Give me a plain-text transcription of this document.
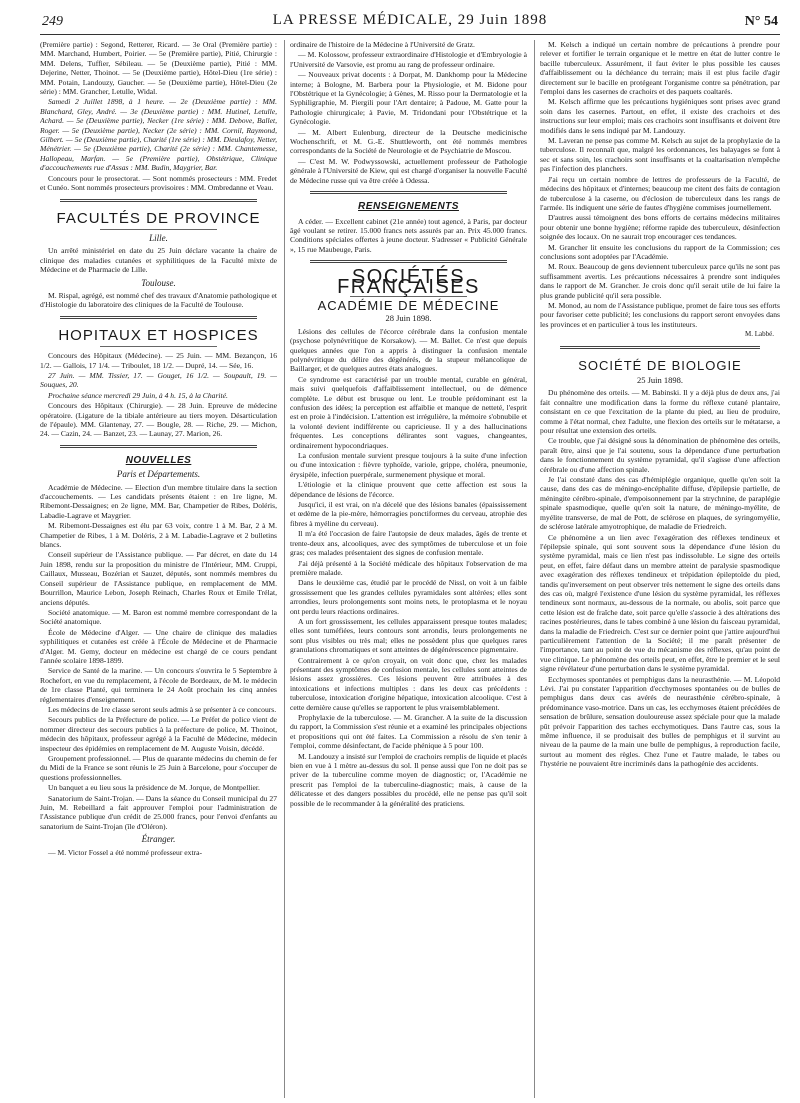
249	LA PRESSE MÉDICALE, 29 Juin 1898	N° 54

(Première partie) : Segond, Retterer, Ricard. — 3e Oral (Première partie) : MM. Marchand, Humbert, Poirier. — 5e (Première partie), Pitié, Chirurgie : MM. Delens, Tuffier, Sébileau. — 5e (Deuxième partie), Pitié : MM. Dejerine, Netter, Thoinot. — 5e (Deuxième partie), Hôtel-Dieu (1re série) : MM. Potain, Landouzy, Gaucher. — 5e (Deuxième partie), Hôtel-Dieu (2e série) : MM. Grancher, Letulle, Widal.

Samedi 2 Juillet 1898, à 1 heure. — 2e (Deuxième partie) : MM. Blanchard, Gley, André. — 3e (Deuxième partie) : MM. Hutinel, Letulle, Achard. — 5e (Deuxième partie), Necker (1re série) : MM. Debove, Ballet, Roger. — 5e (Deuxième partie), Necker (2e série) : MM. Cornil, Raymond, Gilbert. — 5e (Deuxième partie), Charité (1re série) : MM. Dieulafoy, Netter, Ménétrier. — 5e (Deuxième partie), Charité (2e série) : MM. Chantemesse, Hallopeau, Marfan. — 5e (Première partie), Obstétrique, Clinique d'accouchements rue d'Assas : MM. Budin, Maygrier, Bar.

Concours pour le prosectorat. — Sont nommés prosecteurs : MM. Fredet et Cunéo. Sont nommés prosecteurs provisoires : MM. Ombredanne et Veau.

FACULTÉS DE PROVINCE
Lille.

Un arrêté ministériel en date du 25 Juin déclare vacante la chaire de clinique des maladies cutanées et syphilitiques de la Faculté mixte de Médecine et de Pharmacie de Lille.

Toulouse.

M. Rispal, agrégé, est nommé chef des travaux d'Anatomie pathologique et d'Histologie du laboratoire des cliniques de la Faculté de Toulouse.

HOPITAUX ET HOSPICES

Concours des Hôpitaux (Médecine). — 25 Juin. — MM. Bezançon, 16 1/2. — Gallois, 17 1/4. — Triboulet, 18 1/2. — Dupré, 14. — Sée, 16.

27 Juin. — MM. Tissier, 17. — Gouget, 16 1/2. — Soupault, 19. — Souques, 20.

Prochaine séance mercredi 29 Juin, à 4 h. 15, à la Charité.

Concours des Hôpitaux (Chirurgie). — 28 Juin. Epreuve de médecine opératoire. (Ligature de la tibiale antérieure au tiers moyen. Désarticulation de l'épaule). MM. Glantenay, 27. — Bougle, 28. — Riche, 29. — Michon, 24. — Cazin, 24. — Banzet, 23. — Launay, 27. Marion, 26.

NOUVELLES
Paris et Départements.

Académie de Médecine. — Election d'un membre titulaire dans la section d'accouchements. — Les candidats présents étaient : en 1re ligne, M. Ribemont-Dessaignes; en 2e ligne, MM. Bar, Champetier de Ribes, Doléris, Labadie-Lagrave et Maygrier.

M. Ribemont-Dessaignes est élu par 63 voix, contre 1 à M. Bar, 2 à M. Champetier de Ribes, 1 à M. Doléris, 2 à M. Labadie-Lagrave et 2 bulletins blancs.

Conseil supérieur de l'Assistance publique. — Par décret, en date du 14 Juin 1898, rendu sur la proposition du ministre de l'Intérieur, MM. Cruppi, Caillaux, Musseau, Bozérian et Sauzet, députés, sont nommés membres du Conseil supérieur de l'Assistance publique, en remplacement de MM. Bourrillon, Maurice Lebon, Joseph Reinach, Charles Roux et Emile Trélat, anciens députés.

Société anatomique. — M. Baron est nommé membre correspondant de la Société anatomique.

École de Médecine d'Alger. — Une chaire de clinique des maladies syphilitiques et cutanées est créée à l'École de Médecine et de Pharmacie d'Alger. M. Gemy, docteur en médecine est chargé de ce cours pendant l'année scolaire 1898-1899.

Service de Santé de la marine. — Un concours s'ouvrira le 5 Septembre à Rochefort, en vue du remplacement, à l'école de Bordeaux, de M. le médecin de 1re classe Planté, qui terminera le 24 Août prochain les cinq années réglementaires d'enseignement.

Les médecins de 1re classe seront seuls admis à se présenter à ce concours.

Secours publics de la Préfecture de police. — Le Préfet de police vient de nommer directeur des secours publics à la préfecture de police, M. Thoinot, médecin des hôpitaux, professeur agrégé à la Faculté de Médecine, médecin inspecteur des épidémies en remplacement de M. Auguste Voisin, décédé.

Groupement professionnel. — Plus de quarante médecins du chemin de fer du Midi de la France se sont réunis le 25 Juin à Barcelone, pour s'occuper de questions professionnelles.

Un banquet a eu lieu sous la présidence de M. Jorque, de Montpellier.

Sanatorium de Saint-Trojan. — Dans la séance du Conseil municipal du 27 Juin, M. Rebeillard a fait approuver l'emploi pour l'administration de l'Assistance publique d'un crédit de 25.000 francs, pour l'envoi d'enfants au sanatorium de Saint-Trojan (île d'Oléron).

Étranger.

— M. Victor Fossel a été nommé professeur extra-

ordinaire de l'histoire de la Médecine à l'Université de Gratz.

— M. Kolossow, professeur extraordinaire d'Histologie et d'Embryologie à l'Université de Varsovie, est promu au rang de professeur ordinaire.

— Nouveaux privat docents : à Dorpat, M. Dankhomp pour la Médecine interne; à Bologne, M. Barbera pour la Physiologie, et M. Bidone pour l'Obstétrique et la Gynécologie; à Gènes, M. Risso pour la Dermatologie et la Syphiligraphie, M. Piergili pour l'Art dentaire; à Padoue, M. Gatte pour la Pathologie chirurgicale; à Pavie, M. Tridondani pour l'Obstétrique et la Gynécologie.

— M. Albert Eulenburg, directeur de la Deutsche medicinische Wochenschrift, et M. G.-E. Shuttleworth, ont été nommés membres correspondants de la Société de Neurologie et de Psychiatrie de Moscou.

— C'est M. W. Podwyssowski, actuellement professeur de Pathologie générale à l'Université de Kiew, qui est chargé d'organiser la nouvelle Faculté de Médecine russe qui va être créée à Odessa.

RENSEIGNEMENTS

A céder. — Excellent cabinet (21e année) tout agencé, à Paris, par docteur âgé voulant se retirer. 15.000 francs nets assurés par an. Prix 45.000 francs. Conditions spéciales offertes à jeune docteur. S'adresser « Publicité Générale », 15 rue Maubeuge, Paris.

SOCIÉTÉS FRANÇAISES
ACADÉMIE DE MÉDECINE
28 Juin 1898.

Lésions des cellules de l'écorce cérébrale dans la confusion mentale (psychose polynévritique de Korsakow). — M. Ballet. Ce n'est que depuis quelques années que l'on a appris à distinguer la confusion mentale polynévritique du délire des dégénérés, de la stupeur mélancolique de Baillarger, et de quelques autres états analogues.

Ce syndrome est caractérisé par un trouble mental, curable en général, mais suivi quelquefois d'affaiblissement intellectuel, ou de démence complète. Le début est brusque ou lent. Le trouble prédominant est la confusion des idées; la perception est affaiblie et manque de netteté, l'esprit est en proie à l'indécision. L'attention est irrégulière, la mémoire s'obnubile et la volonté devient indifférente ou capricieuse. Il y a des hallucinations fréquentes. Les conceptions délirantes sont vagues, changeantes, ordinairement hypocondriaques.

La confusion mentale survient presque toujours à la suite d'une infection ou d'une intoxication : fièvre typhoïde, variole, grippe, choléra, pneumonie, érysipèle, infection puerpérale, surmenement physique et moral.

L'étiologie et la clinique prouvent que cette affection est sous la dépendance de lésions de l'écorce.

Jusqu'ici, il est vrai, on n'a décelé que des lésions banales (épaississement et œdème de la pie-mère, hémorragies ponctiformes du cerveau, atrophie des fibres à myéline du cerveau).

Il m'a été l'occasion de faire l'autopsie de deux malades, âgés de trente et trente-deux ans, alcooliques, avec des symptômes de tuberculose et un foie gras; ces malades présentaient des signes de confusion mentale.

J'ai déjà présenté à la Société médicale des hôpitaux l'observation de ma première malade.

Dans le deuxième cas, étudié par le procédé de Nissl, on voit à un faible grossissement que les grandes cellules pyramidales sont altérées; elles sont arrondies, leurs prolongements sont moins nets, le protoplasma et le noyau ont perdu leurs réactions ordinaires.

A un fort grossissement, les cellules apparaissent presque toutes malades; elles sont tuméfiées, leurs contours sont arrondis, leurs prolongements ne sont plus visibles ou très mal; elles ne possèdent plus que quelques rares granulations chromatiques et sont atteintes de dégénérescence pigmentaire.

Contrairement à ce qu'on croyait, on voit donc que, chez les malades présentant des symptômes de confusion mentale, les cellules sont atteintes de lésions assez grossières. Ces lésions peuvent être attribuées à des intoxications et infections multiples : dans les deux cas précédents : tuberculose, intoxication d'origine hépatique, intoxication alcoolique. C'est à cette dernière cause qu'elles se rapportent le plus vraisemblablement.

Prophylaxie de la tuberculose. — M. Grancher. A la suite de la discussion du rapport, la Commission s'est réunie et a examiné les principales objections et propositions qui ont été faites. La Commission a résolu de s'en tenir à l'emploi, comme désinfectant, de l'acide phénique à 5 pour 100.

M. Landouzy a insisté sur l'emploi de crachoirs remplis de liquide et placés bien en vue à 1 mètre au-dessus du sol. Il pense aussi que l'on ne doit pas se priver de la tuberculine comme moyen de diagnostic; or, l'Académie ne prescrit pas l'emploi de la tuberculine-diagnostic; mais, à cause de la délicatesse et des dangers possibles du procédé, elle ne pense pas qu'il soit possible de le recommander à la généralité des praticiens.

M. Kelsch a indiqué un certain nombre de précautions à prendre pour relever et fortifier le terrain organique et le mettre en état de lutter contre le bacille tuberculeux. Assurément, il faut éviter le plus possible les causes d'affaiblissement ou la déchéance du terrain; mais il est plus facile d'agir directement sur le bacille en protégeant l'organisme contre sa pénétration, par l'emploi dans les casernes de crachoirs et des paquets coaltarés.

M. Kelsch affirme que les précautions hygiéniques sont prises avec grand soin dans les casernes. Partout, en effet, il existe des crachoirs et des instructions sur leur emploi; mais ces crachoirs sont insuffisants et doivent être modifiés dans le sens indiqué par M. Landouzy.

M. Laveran ne pense pas comme M. Kelsch au sujet de la prophylaxie de la tuberculose. Il reconnaît que, malgré les ordonnances, les balayages se font à sec et sans soin, les crachoirs sont insuffisants et la coaltarisation n'empêche pas l'infection des planchers.

J'ai reçu un certain nombre de lettres de professeurs de la Faculté, de médecins des hôpitaux et d'internes; beaucoup me citent des faits de contagion de tuberculose à la caserne, ou d'éclosion de tuberculeux dans les rangs de l'armée. Ils indiquent une série de fautes d'hygiène commises journellement.

D'autres aussi témoignent des bons efforts de certains médecins militaires pour obtenir une bonne hygiène; réforme rapide des tuberculeux, désinfection soignée des locaux. On ne saurait trop encourager ces tendances.

M. Grancher lit ensuite les conclusions du rapport de la Commission; ces conclusions sont adoptées par l'Académie.

M. Roux. Beaucoup de gens deviennent tuberculeux parce qu'ils ne sont pas suffisamment avertis. Les précautions nécessaires à prendre sont indiquées dans le rapport de M. Grancher. Je crois donc qu'il serait utile de lui faire la plus grande publicité qu'il sera possible.

M. Monod, au nom de l'Assistance publique, promet de faire tous ses efforts pour favoriser cette publicité; les conclusions du rapport seront envoyées dans les provinces et en particulier à tous les instituteurs.

M. Labbé.
SOCIÉTÉ DE BIOLOGIE
25 Juin 1898.

Du phénomène des orteils. — M. Babinski. Il y a déjà plus de deux ans, j'ai fait connaître une modification dans la forme du réflexe cutané plantaire, consistant en ce que l'excitation de la plante du pied, au lieu de produire, comme à l'état normal, chez l'adulte, une flexion des orteils sur le métatarse, a pour résultat une extension des orteils.

Ce trouble, que j'ai désigné sous la dénomination de phénomène des orteils, paraît être, ainsi que je l'ai soutenu, sous la dépendance d'une perturbation dans le fonctionnement du système pyramidal, qu'il s'agisse d'une affection cérébrale ou d'une affection spinale.

Je l'ai constaté dans des cas d'hémiplégie organique, quelle qu'en soit la cause, dans des cas de méningo-encéphalite diffuse, d'épilepsie partielle, de méningite cérébro-spinale, d'empoisonnement par la strychnine, de paraplégie spinale spasmodique, quelle qu'en soit la nature, de méningo-myélite, de myélite transverse, de mal de Pott, de sclérose en plaques, de syringomyélie, de sclérose latérale amyotrophique, de maladie de Friedreich.

Ce phénomène a un lien avec l'exagération des réflexes tendineux et l'épilepsie spinale, qui sont souvent sous la dépendance d'une lésion du système pyramidal, mais ce lien n'est pas indissoluble. Le signe des orteils peut, en effet, faire défaut dans un membre atteint de paralysie spasmodique avec exagération des réflexes tendineux et trépidation épileptoïde du pied, tandis qu'inversement on peut observer très nettement le signe des orteils dans des cas où, malgré l'existence d'une lésion du système pyramidal, les réflexes tendineux sont normaux, au-dessous de la normale, ou abolis, soit parce que cette lésion est de fraîche date, soit parce qu'elle s'associe à des altérations des racines postérieures, dans le tabes combiné à une lésion du faisceau pyramidal, dans la maladie de Friedreich. C'est sur ce dernier point que j'attire aujourd'hui particulièrement l'attention de la Société; il me paraît présenter de l'importance, tant au point de vue du mécanisme des réflexes, qu'au point de vue clinique. Le phénomène des orteils peut, en effet, être le premier et le seul signe révélateur d'une perturbation dans le système pyramidal.

Ecchymoses spontanées et pemphigus dans la neurasthénie. — M. Léopold Lévi. J'ai pu constater l'apparition d'ecchymoses spontanées ou de bulles de pemphigus dans deux cas avérés de neurasthénie cérébro-spinale, à prédominance vaso-motrice. Dans un cas, les ecchymoses étaient précédées de sensation de brûlure, sensation douloureuse assez spéciale pour que la malade pût prévoir l'apparition des taches ecchymotiques. Dans l'autre cas, sous la même influence, il se produisait des bulles de pemphigus et il survint au niveau de la paume de la main une bulle de pemphigus, à reproduction facile, surtout au moment des règles. Chez l'une et l'autre malade, le tabes ou l'hystérie ne pouvaient être incriminés dans la pathogénie des accidents.
